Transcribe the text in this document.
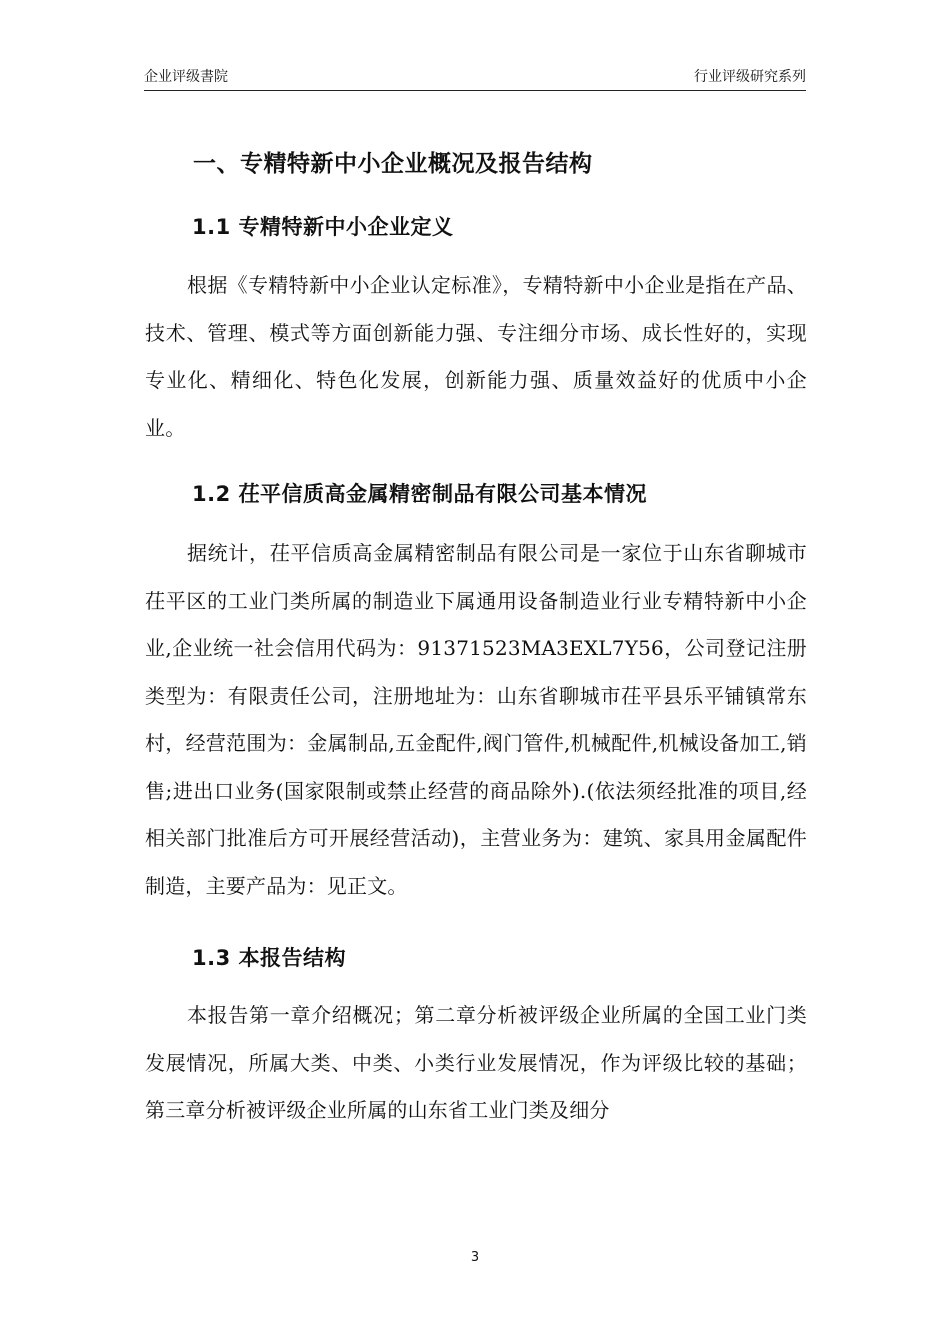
企业评级書院	行业评级研究系列
一、专精特新中小企业概况及报告结构
1.1 专精特新中小企业定义

根据《专精特新中小企业认定标准》，专精特新中小企业是指在产品、技术、管理、模式等方面创新能力强、专注细分市场、成长性好的，实现专业化、精细化、特色化发展，创新能力强、质量效益好的优质中小企业。

1.2 茌平信质高金属精密制品有限公司基本情况

据统计，茌平信质高金属精密制品有限公司是一家位于山东省聊城市茌平区的工业门类所属的制造业下属通用设备制造业行业专精特新中小企业,企业统一社会信用代码为：91371523MA3EXL7Y56，公司登记注册类型为：有限责任公司，注册地址为：山东省聊城市茌平县乐平铺镇常东村，经营范围为：金属制品,五金配件,阀门管件,机械配件,机械设备加工,销售;进出口业务(国家限制或禁止经营的商品除外).(依法须经批准的项目,经相关部门批准后方可开展经营活动)，主营业务为：建筑、家具用金属配件制造，主要产品为：见正文。

1.3 本报告结构

本报告第一章介绍概况；第二章分析被评级企业所属的全国工业门类发展情况，所属大类、中类、小类行业发展情况，作为评级比较的基础；第三章分析被评级企业所属的山东省工业门类及细分

3
